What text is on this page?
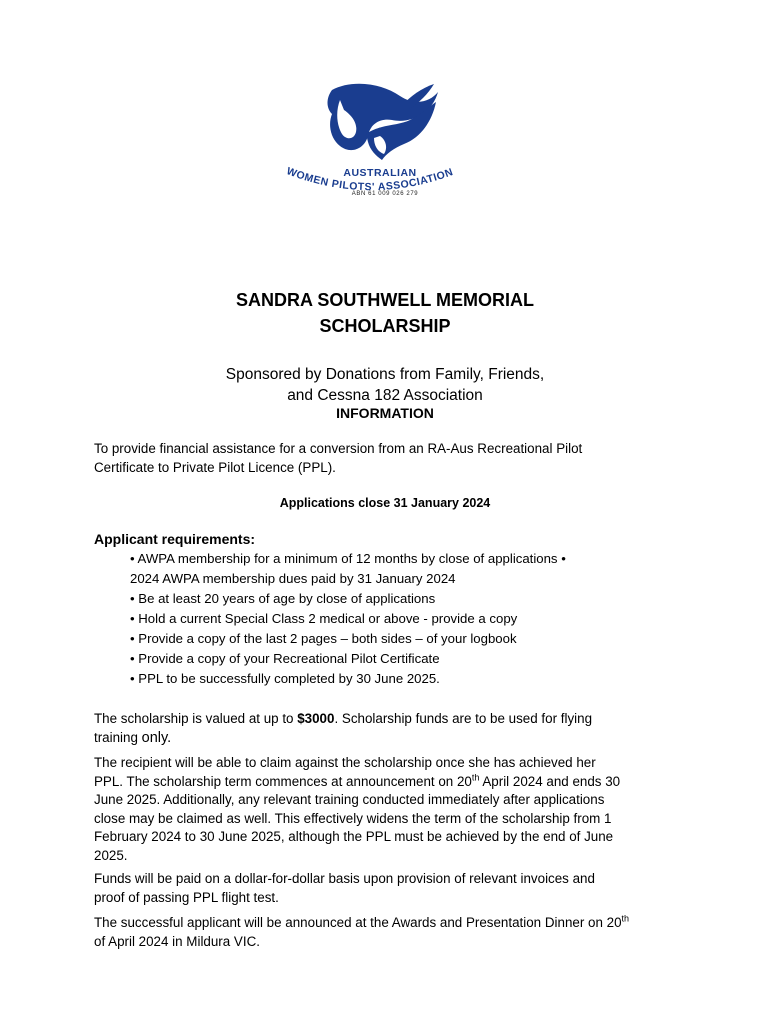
WOMEN PILOTS' ASSOCIATION
AUSTRALIAN
ABN 61 009 026 279
SANDRA SOUTHWELL MEMORIAL
SCHOLARSHIP
Sponsored by Donations from Family, Friends,
and Cessna 182 Association
INFORMATION
To provide financial assistance for a conversion from an RA-Aus Recreational Pilot
Certificate to Private Pilot Licence (PPL).
Applications close 31 January 2024
Applicant requirements:
• AWPA membership for a minimum of 12 months by close of applications •
2024 AWPA membership dues paid by 31 January 2024
• Be at least 20 years of age by close of applications
• Hold a current Special Class 2 medical or above - provide a copy
• Provide a copy of the last 2 pages – both sides – of your logbook
• Provide a copy of your Recreational Pilot Certificate
• PPL to be successfully completed by 30 June 2025.
The scholarship is valued at up to $3000. Scholarship funds are to be used for flying
training only.
The recipient will be able to claim against the scholarship once she has achieved her
PPL. The scholarship term commences at announcement on 20th April 2024 and ends 30
June 2025. Additionally, any relevant training conducted immediately after applications
close may be claimed as well. This effectively widens the term of the scholarship from 1
February 2024 to 30 June 2025, although the PPL must be achieved by the end of June
2025.
Funds will be paid on a dollar-for-dollar basis upon provision of relevant invoices and
proof of passing PPL flight test.
The successful applicant will be announced at the Awards and Presentation Dinner on 20th
of April 2024 in Mildura VIC.
